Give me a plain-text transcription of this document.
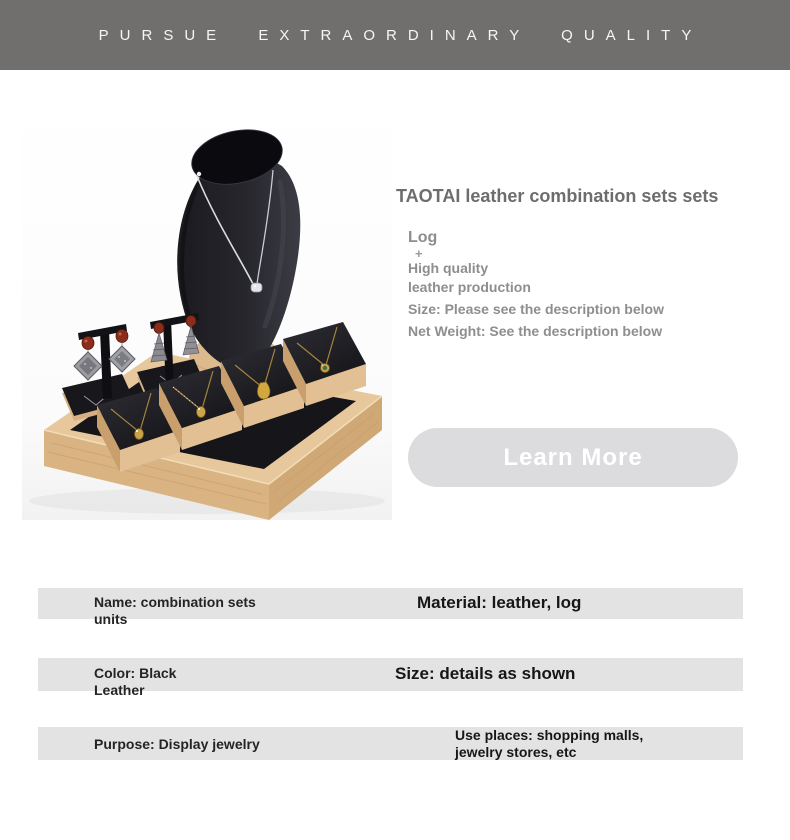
PURSUE EXTRAORDINARY QUALITY
TAOTAI leather combination sets sets
Log
+
High quality
leather production
Size: Please see the description below
Net Weight: See the description below
Learn More
Name: combination sets units
Material: leather, log
Color: Black Leather
Size: details as shown
Purpose: Display jewelry
Use places: shopping malls, jewelry stores, etc
